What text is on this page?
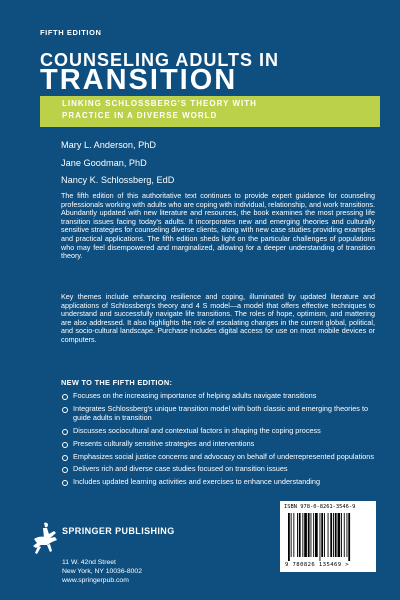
FIFTH EDITION
COUNSELING ADULTS IN
TRANSITION
LINKING SCHLOSSBERG'S THEORY WITH
PRACTICE IN A DIVERSE WORLD
Mary L. Anderson, PhD
Jane Goodman, PhD
Nancy K. Schlossberg, EdD

The fifth edition of this authoritative text continues to provide expert guidance for counseling professionals working with adults who are coping with individual, relationship, and work transitions. Abundantly updated with new literature and resources, the book examines the most pressing life transition issues facing today's adults. It incorporates new and emerging theories and culturally sensitive strategies for counseling diverse clients, along with new case studies providing examples and practical applications. The fifth edition sheds light on the particular challenges of populations who may feel disempowered and marginalized, allowing for a deeper understanding of transition theory.

Key themes include enhancing resilience and coping, illuminated by updated literature and applications of Schlossberg's theory and 4 S model—a model that offers effective techniques to understand and successfully navigate life transitions. The roles of hope, optimism, and mattering are also addressed. It also highlights the role of escalating changes in the current global, political, and socio-cultural landscape. Purchase includes digital access for use on most mobile devices or computers.

NEW TO THE FIFTH EDITION:
Focuses on the increasing importance of helping adults navigate transitions
Integrates Schlossberg's unique transition model with both classic and emerging theories to guide adults in transition
Discusses sociocultural and contextual factors in shaping the coping process
Presents culturally sensitive strategies and interventions
Emphasizes social justice concerns and advocacy on behalf of underrepresented populations
Delivers rich and diverse case studies focused on transition issues
Includes updated learning activities and exercises to enhance understanding
SPRINGER PUBLISHING
11 W. 42nd Street
New York, NY 10036-8002
www.springerpub.com
ISBN 978-0-8261-3546-9
9 780826 135469 >
